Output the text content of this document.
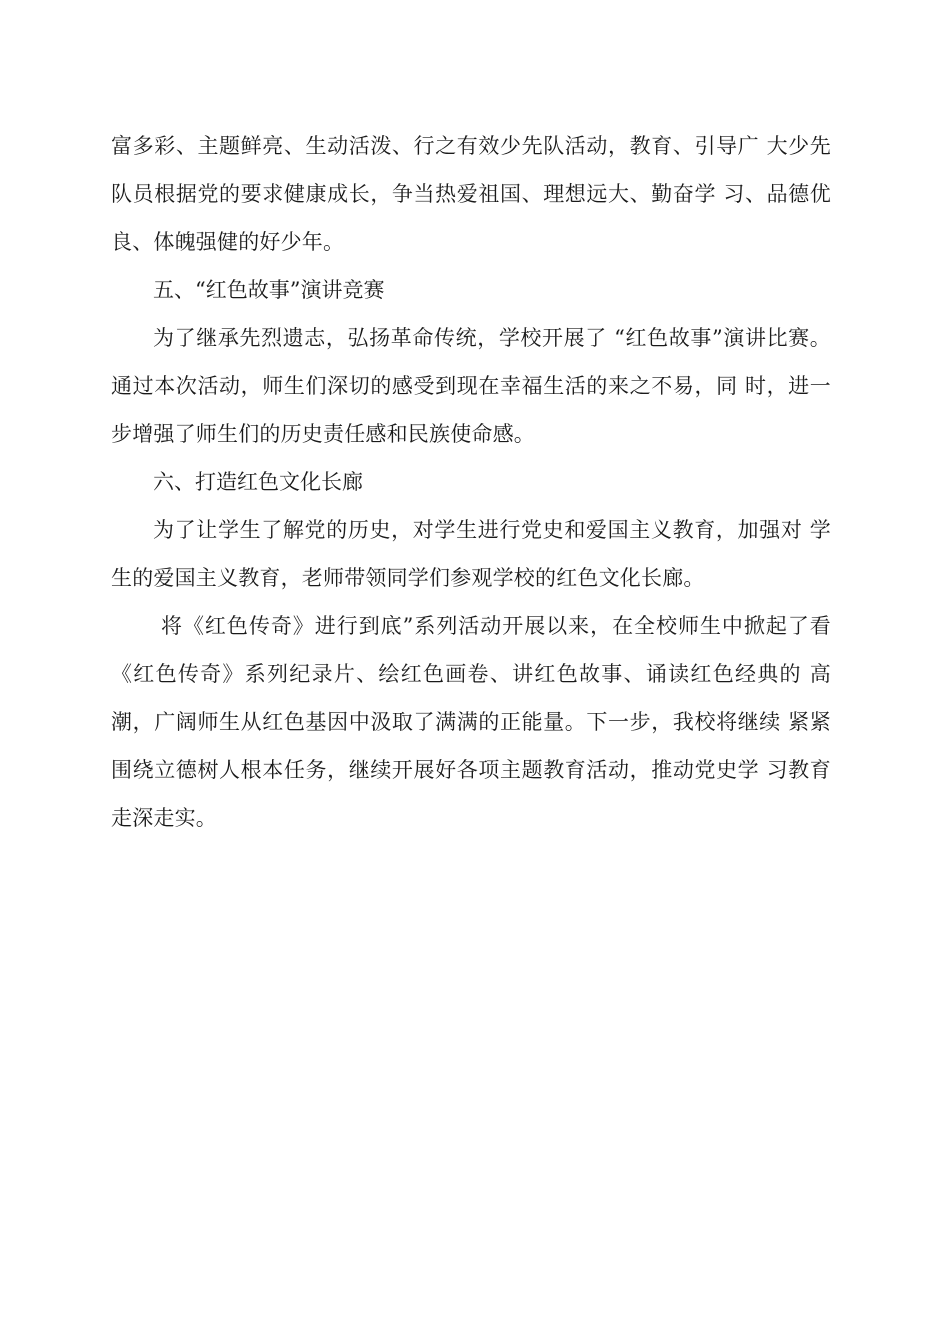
富多彩、主题鲜亮、生动活泼、行之有效少先队活动，教育、引导广 大少先队员根据党的要求健康成长，争当热爱祖国、理想远大、勤奋学 习、品德优良、体魄强健的好少年。

五、“红色故事”演讲竞赛

为了继承先烈遗志，弘扬革命传统，学校开展了 “红色故事”演讲比赛。通过本次活动，师生们深切的感受到现在幸福生活的来之不易，同 时，进一步增强了师生们的历史责任感和民族使命感。

六、打造红色文化长廊

为了让学生了解党的历史，对学生进行党史和爱国主义教育，加强对 学生的爱国主义教育，老师带领同学们参观学校的红色文化长廊。

将《红色传奇》进行到底”系列活动开展以来，在全校师生中掀起了看《红色传奇》系列纪录片、绘红色画卷、讲红色故事、诵读红色经典的 高潮，广阔师生从红色基因中汲取了满满的正能量。下一步，我校将继续 紧紧围绕立德树人根本任务，继续开展好各项主题教育活动，推动党史学 习教育走深走实。
